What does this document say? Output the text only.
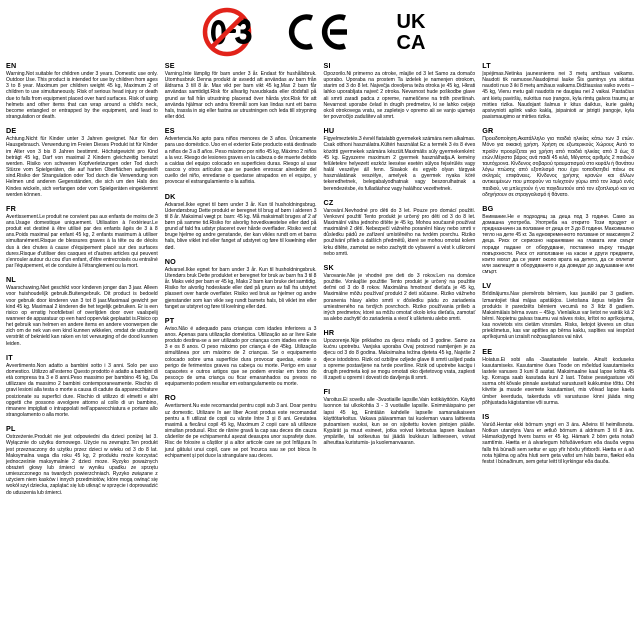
UK
CA
EN
Warning.Not suitable for children under 3 years. Domestic use only. Outdoor Use. This product is intended for use by children from ages 3 to 8 year. Maximum per children weight 45 kg, Maximum 2 of children to use simultaneously. Risk of serious head injury or death due to falls from equipment placed over hard surfaces. Risk of using helmets and other items that can wrap around a child's neck, become entangled or entrapped by the equipment, and lead to strangulation or death.
DE
Achtung.Nicht für Kinder unter 3 Jahren geeignet. Nur für den Hausgebrauch. Verwendung im Freien Dieses Produkt ist für Kinder im Alter von 3 bis 8 Jahren bestimmt. Höchstgewicht pro Kind beträgt 45 kg, Darf von maximal 2 Kindern gleichzeitig benutzt werden. Risiko von schweren Kopfverletzungen oder Tod durch Stürze vom Spielgeräten, die auf harten Oberflächen aufgestellt sind.Risiko der Strangulation oder Tod durch die Verwendung von Helmen und anderen Gegenständen, die sich um den Hals des Kindes wickeln, sich verfangen oder vom Spielgeräten eingeklemmt werden können.
FR
Avertissement.Le produit ne convient pas aux enfants de moins de 3 ans.Usage domestique uniquement. Utilisation à l'extérieur.Le produit est destiné à être utilisé par des enfants âgés de 3 à 8 ans.Poids maximal par enfant 45 kg, 2 enfants maximum à utiliser simultanément.Risque de blessures graves à la tête ou de décès dus à des chutes à cause d'équipement placé sur des surfaces dures.Risque d'utiliser des casques et d'autres articles qui peuvent s'enrouler autour du cou d'un enfant, d'être entrecroisés ou entraîné par l'équipement, et de conduire à l'étranglement ou la mort.
NL
Waarschuwing.Niet geschikt voor kinderen jonger dan 3 jaar. Alleen voor huishoudelijk gebruik.Buitengebruik. Dit product is bedoeld voor gebruik door kinderen van 3 tot 8 jaar.Maximaal gewicht per kind 45 kg. Maximaal 2 kinderen die het tegelijk gebruiken. Er is een risico op ernstig hoofdletsel of overlijden door over vaalspelij wanneer de apparatuur op een hard oppervlak geplaatst is.Risico op het gebruik van helmen en andere items en andere voorwerpen die zich om de nek van een kind kunnen wikkelen, omdat de uitrusting verstrikt of beknield kan raken en tot verwurging of de dood kunnen leiden.
IT
Avvertimento.Non adatto a bambini sotto i 3 anni. Solo per uso domestico. Utilizzo all'esterno Questo prodotto è adatto a bambini di età compresa tra 3 e 8 anni.Peso massimo per bambino 45 kg, Da utilizzare da massimo 2 bambini contemporaneamente. Rischio di gravi lesioni alla testa o morte a causa di cadute da apparecchiature posizionate su superfici dure. Rischio di utilizzo di elmetti e altri oggetti che possono avvolgere attorno al collo di un bambino, rimanere impigliati o intrappolati nell'apparecchiatura e portare allo strangolamento o alla morte.
PL
Ostrzeżenie.Produkt nie jest odpowiedni dla dzieci poniżej lat 3. Wyłącznie do użytku domowego. Użycie na zewnątrz.Ten produkt jest przeznaczony do użytku przez dzieci w wieku od 3 do 8 lat. Maksymalna waga dla roku 45 kg, 2 produktu może korzystać jednocześnie maksymalnie 2 dzieci moze. Ryzyko poważnych obrażeń głowy lub śmierci w wyniku upadku ze sprzętu umieszczonego na twardych powierzchniach. Ryzyko związane z użyciem niem kasków i innych przedmiotów, które mogą owinąć się wokół szyi dziecka, zaplątać się lub utknąć w sprzęcie i doprowadzić do uduszenia lub śmierci.
SE
Varning.Inte lämplig för barn under 3 år. Endast för hushållsbruk. Utomhusbruk Denna produkt är avsedd att användas av barn från åldrarna 3 till 8 år. Max vikt per barn vikt 45 kg,Max 2 barn får användas samtidigt.Risk för allvarlig huvudskada eller dödsfall på grund av fall från utrustning placerad över hårda ytor.Risk för att använda hjälmar och andra föremål som kan lindas runt ett barns hals, trassla in sig eller fastna av utrustningen och leda till strypning eller död.
ES
Advertencia.No apto para niños menores de 3 años. Únicamente para uso doméstico. Uso en el exterior Este producto está destinado a niños de 3 a 8 años. Peso máximo por niño 45 kg, Máximo 2 niños a la vez. Riesgo de lesiones graves en la cabeza o de muerte debido a caídas del equipo colocado en superficies duras. Riesgo al usar cascos y otros artículos que se pueden enroscar alrededor del cuello del niño, enredarse o quedarse atrapados en el equipo, y provocar el estrangulamiento o la asfixia.
DK
Advarsel.Ikke egnet til børn under 3 år. Kun til husholdningsbrug. Udendørsbrug Dette produkt er beregnet til brug af børn i alderen 3 til 8 år. Maksimal vægt pr. barn: 45 kg. Må maksimalt bruges af 2 af børn på samme tid.Risiko for alvorlig hovedkvæstelse eller død på grund af fald fra udstyr placeret over hårde overflader. Risiko ved at bruge hjelme og andre genstande, der kan vikles rundt om et barns hals, blive viklet ind eller fanget af udstyret og føre til kvælning eller død.
NO
Advarsel.Ikke egnet for barn under 3 år. Kun til husholdningsbruk. Utendørs bruk Dette produktet er beregnet for bruk av barn fra 3 til 8 år. Maks vekt per barn er 45 kg, Maks 2 barn kan bruke det samtidig. Risiko for alvorlig hodeskade eller død på grunn av fall fra utstyret plassert over harde overflater. Risiko ved bruk av hjelmer og andre gjenstander som kan vikle seg rundt barnets hals, bli viklet inn eller fanget av utstyret og føre til kvelning eller død.
PT
Aviso.Não é adequado para crianças com idades inferiores a 3 anos. Apenas para utilização doméstica. Utilização ao ar livre Este produto destina-se a ser utilizado por crianças com idades entre os 3 e os 8 anos. O peso máximo por criança é de 45kg. Utilização simultânea por um máximo de 2 crianças. Se o equipamento colocado sobre uma superfície dura provocar quedas, existe o perigo de ferimentos graves na cabeça ou morte. Perigo em usar capacetes e outros artigos que se podem enrolar em torno do pescoço de uma criança ou ficar emaranhados ou presos no equipamento podem resultar em estrangulamento ou morte.
RO
Avertisment.Nu este recomandat pentru copii sub 3 ani. Doar pentru uz domestic. Utilizare în aer liber Acest produs este recomandat pentru a fi utilizat de copii cu vârste între 3 și 8 ani. Greutatea maximă a fiecărui copil 45 kg, Maximum 2 copii care să utilizeze simultan produsul. Risc de rănire gravă la cap sau deces din cauza căderilor de pe echipamentul așezat deasupra unor suprafețe dure. Risc de folosire a căștilor și a altor articole care se pot înfășura în jurul gâtului unui copil, care se pot încurca sau se pot bloca în echipament și pot duce la strangulare sau deces.
SI
Opozorilo.Ni primerno za otroke, mlajše od 3 let Samo za domačo uporabo. Uporaba na prostem Ta izdelek je namenjen otrokom, starim od 3 do 8 let. Največja dovoljena teža otroka je 45 kg, Hkrati lahko uporabljata največ 2 otroka. Nevarnost hude poškodbe glave ali smrti zaradi padca z opreme, nameščene na trdih površinah. Nevarnost uporabe čelad in drugih predmetov, ki se lahko ovijejo okoli otrokovega vratu, se zapletejo v opremo ali se vanjo ujamejo ter povzročijo zadušitev ali smrt.
HU
Figyelmeztetés.3 évnél fiatalabb gyermekek számára nem alkalmas. Csak otthoni használatra.Kültéri használat Ez a termék 3 és 8 éves közötti gyermekek számára készült.Maximális súly gyermekenként: 45 kg. Egyszerre maximum 2 gyermek használhatja.A kemény felületekre helyezett eszköz leesése esetén súlyos fejsérülés vagy halál veszélye áll fenn. Sisakok és egyéb olyan tárgyak használatának veszélye, amelyek a gyermek nyaka köré tekeredhetnek, belegabalyodhatnak vagy beszorulhatnak a berendezésbe, és fulladáshoz vagy halálhoz vezethetnek.
CZ
Varování.Nevhodné pro děti do 3 let. Pouze pro domácí použití. Venkovní použití Tento produkt je určený pro děti od 3 do 8 let. Maximální váha jednoho dítěte je 45 kg. Mohou současně používat maximálně 2 dětí. Nebezpečí vážného poranění hlavy nebo smrti v důsledku pádů ze zařízení umístěného na tvrdém povrchu. Riziko používání přileb a dalších předmětů, které se mohou omotat kolem krku dítěte, zamotat se nebo zachytit do vybavení a vést k uškrcení nebo smrti.
SK
Varovanie.Nie je vhodné pre deti do 3 rokov.Len na domáce použitie. Vonkajšie použitie Tento produkt je určený na použitie deťmi od 3 do 8 rokov. Maximálna hmotnosť dieťaťa je 45 kg, Maximálne môžu používať produkt 2 deti súčasne. Riziko vážneho poranenia hlavy alebo smrti v dôsledku pádu zo zariadenia umiestneného na tvrdých povrchoch. Riziko používania prilieb a iných predmetov, ktoré sa môžu omotať okolo krku dieťaťa, zamotať sa alebo zachytiť do zariadenia a viesť k uškrteniu alebo smrti.
HR
Upozorenje.Nije prikladno za djecu mlađu od 3 godine. Samo za kućnu upotrebu. Vanjska uporaba Ovaj proizvod namijenjen je za djecu od 3 do 8 godina. Maksimalna težina djeteta 45 kg, Najviše 2 djece istodobno. Rizik od ozbiljne ozljede glave ili smrti uslijed pada s opreme postavljene na tvrde površine. Rizik od upotrebe kacigu i drugih predmeta koji se mogu omotati oko djetetovog vrata, zaplesti ili zapeti u opremi i dovesti do davljenja ili smrti.
FI
Varoitus.Ei sovellu alle -3vuotiaille lapsille.Vain kotikäyttöön. Käyttö luonnon tai ulkokohtia 3 - 3 vuotiaille lapsille. Enimmäispaino per lapsi 45 kg, Enintään kahdelle lapselle samanaikaiseen käyttötarkoitus. Vakava päävamman tai kuoleman vaara laitteesta putoamisen vuoksi, kun se on sijoitettu kovien pintojen päälle. Kypärät ja muut esineet, jotka voivat kietoutua lapsen kaulaan ympärille, tai sotkeutua tai jäädä loukkuun laitteeseen, voivat aiheuttaa kuristumis- ja kuolemanvaaran.
LT
Įspėjimas.Netinka jaunesniems nei 3 metų amžiaus vaikams. Naudoti tik namuose.Naudojimui lauke Šis gaminys yra skirtas naudoti nuo 3 iki 8 metų amžiaus vaikams.Didžiausias vaiko svoris – 45 kg, Vienu metu gali naudotis ne daugiau nei 2 vaikai. Pastačius ant kietų paviršių, nukritus nuo įrangos, kyla rimtų galvos traumų ar mirties rizika. Naudojant šalmus ir kitus daiktus, kurie galėtų apsivynioti aplink vaiko kaklą, įsipainioti ar įstrigti įrangoje, kyla pasismaugimo ar mirties rizika.
GR
Προειδοποίηση.Ακατάλληλο για παιδιά ηλικίας κάτω των 3 ετών. Μόνο για οικιακή χρήση. Χρήση σε εξωτερικούς Χώρους Αυτό το προϊόν προορίζεται για χρήση από παιδιά ηλικίας από 3 έως 8 ετών.Μέγιστο βάρος ανά παιδί 45 κιλά, Μέγιστος αριθμός 2 παιδιών ταυτόχρονα. Κίνδυνος σοβαρού τραυματισμού στο κεφάλι ή θανάτου λόγω πτώσης από εξοπλισμό που έχει τοποθετηθεί πάνω σε σκληρές επιφάνειες. Κίνδυνος χρήσης κρανών και άλλων αντικειμένων που μπορούν να τυλιχτούν γύρω από τον λαιμό ενός παιδιού, να μπλεχτούν ή να παγιδευτούν από τον εξοπλισμό και να οδηγήσουν σε στραγγαλισμό ή θάνατο.
BG
Внимание.Не е подходящ за деца под 3 години. Само за домашна употреба. Употреба на открито Този продукт е предназначен за ползване от деца от 3 до 8 години. Максимално тегло на дете 45 кг. За едновременното ползване от максимум 2 деца. Риск от сериозно нараняване на главата или смърт поради падане от оборудване, поставено върху твърди повърхности. Риск от използване на каски и други предмети, които могат да се увият около врата на детето, да се оплетат или заклещят в оборудването и да доведат до задушаване или смърт.
LV
Brīdinājums.Nav piemērots bērniem, kas jaunāki par 3 gadiem. Izmantojiet tikai mājas apstākļos. Lietošana ārpus telpām Šis produkts ir paredzēts bērniem vecumā no 3 līdz 8 gadiem. Maksimālais bērna svars – 45kg. Vienlaikus var lietot ne vairāk kā 2 bērni. Nopietnu galvas traumu vai nāves risks, krītot no aprīkojuma, kas novietots virs cietām virsmām. Risks, lietojot ķiveres un citus priekšmetus, kas var aptīties ap bērna kaklu, sapīties vai iesprūst aprīkojumā un izraisīt nožņaugšanos vai nāvi.
EE
Hoiatus.Ei sobi alla -3aastastele lastele. Ainult koduseks kasutamiseks. Kasutamine õues Toode on mõeldud kasutamiseks lastele vanuses 3 kuni 8 aastat. Maksimaalne kaal lapse kohta 45 kg. Korraga saab kasutada kuni 2 last. Tõsise peavigastuse või surma oht kõvale pinnale asetatud varustuselt kukkumise tõttu. Oht kiivrite ja muude esemete kasutamisel, mis võivad lapse kaela ümber keerduda, takerduda või varustusse kinni jääda ning põhjustada kägistamise või surma.
IS
Varúð.Hentar ekki börnum yngri en 3 ára. Aðeins til heimilisnota. Notkun utandyra Vara er ætluð börnum á aldrinum 3 til 8 ára. Hámarksþyngd hvers barns er 45 kg. Hámark 2 börn geta notað samtímis. Hætta er á alvarlegum höfuðáverkum eða dauða vegna falls frá búnaði sem settur er upp yfir hörðu yfirborði. Hætta er á að nota hjálma og aðra hluti sem geta vafist um háls barns, flækst eða festst í búnaðinum, sem getur leitt til kyrkingar eða dauða.
